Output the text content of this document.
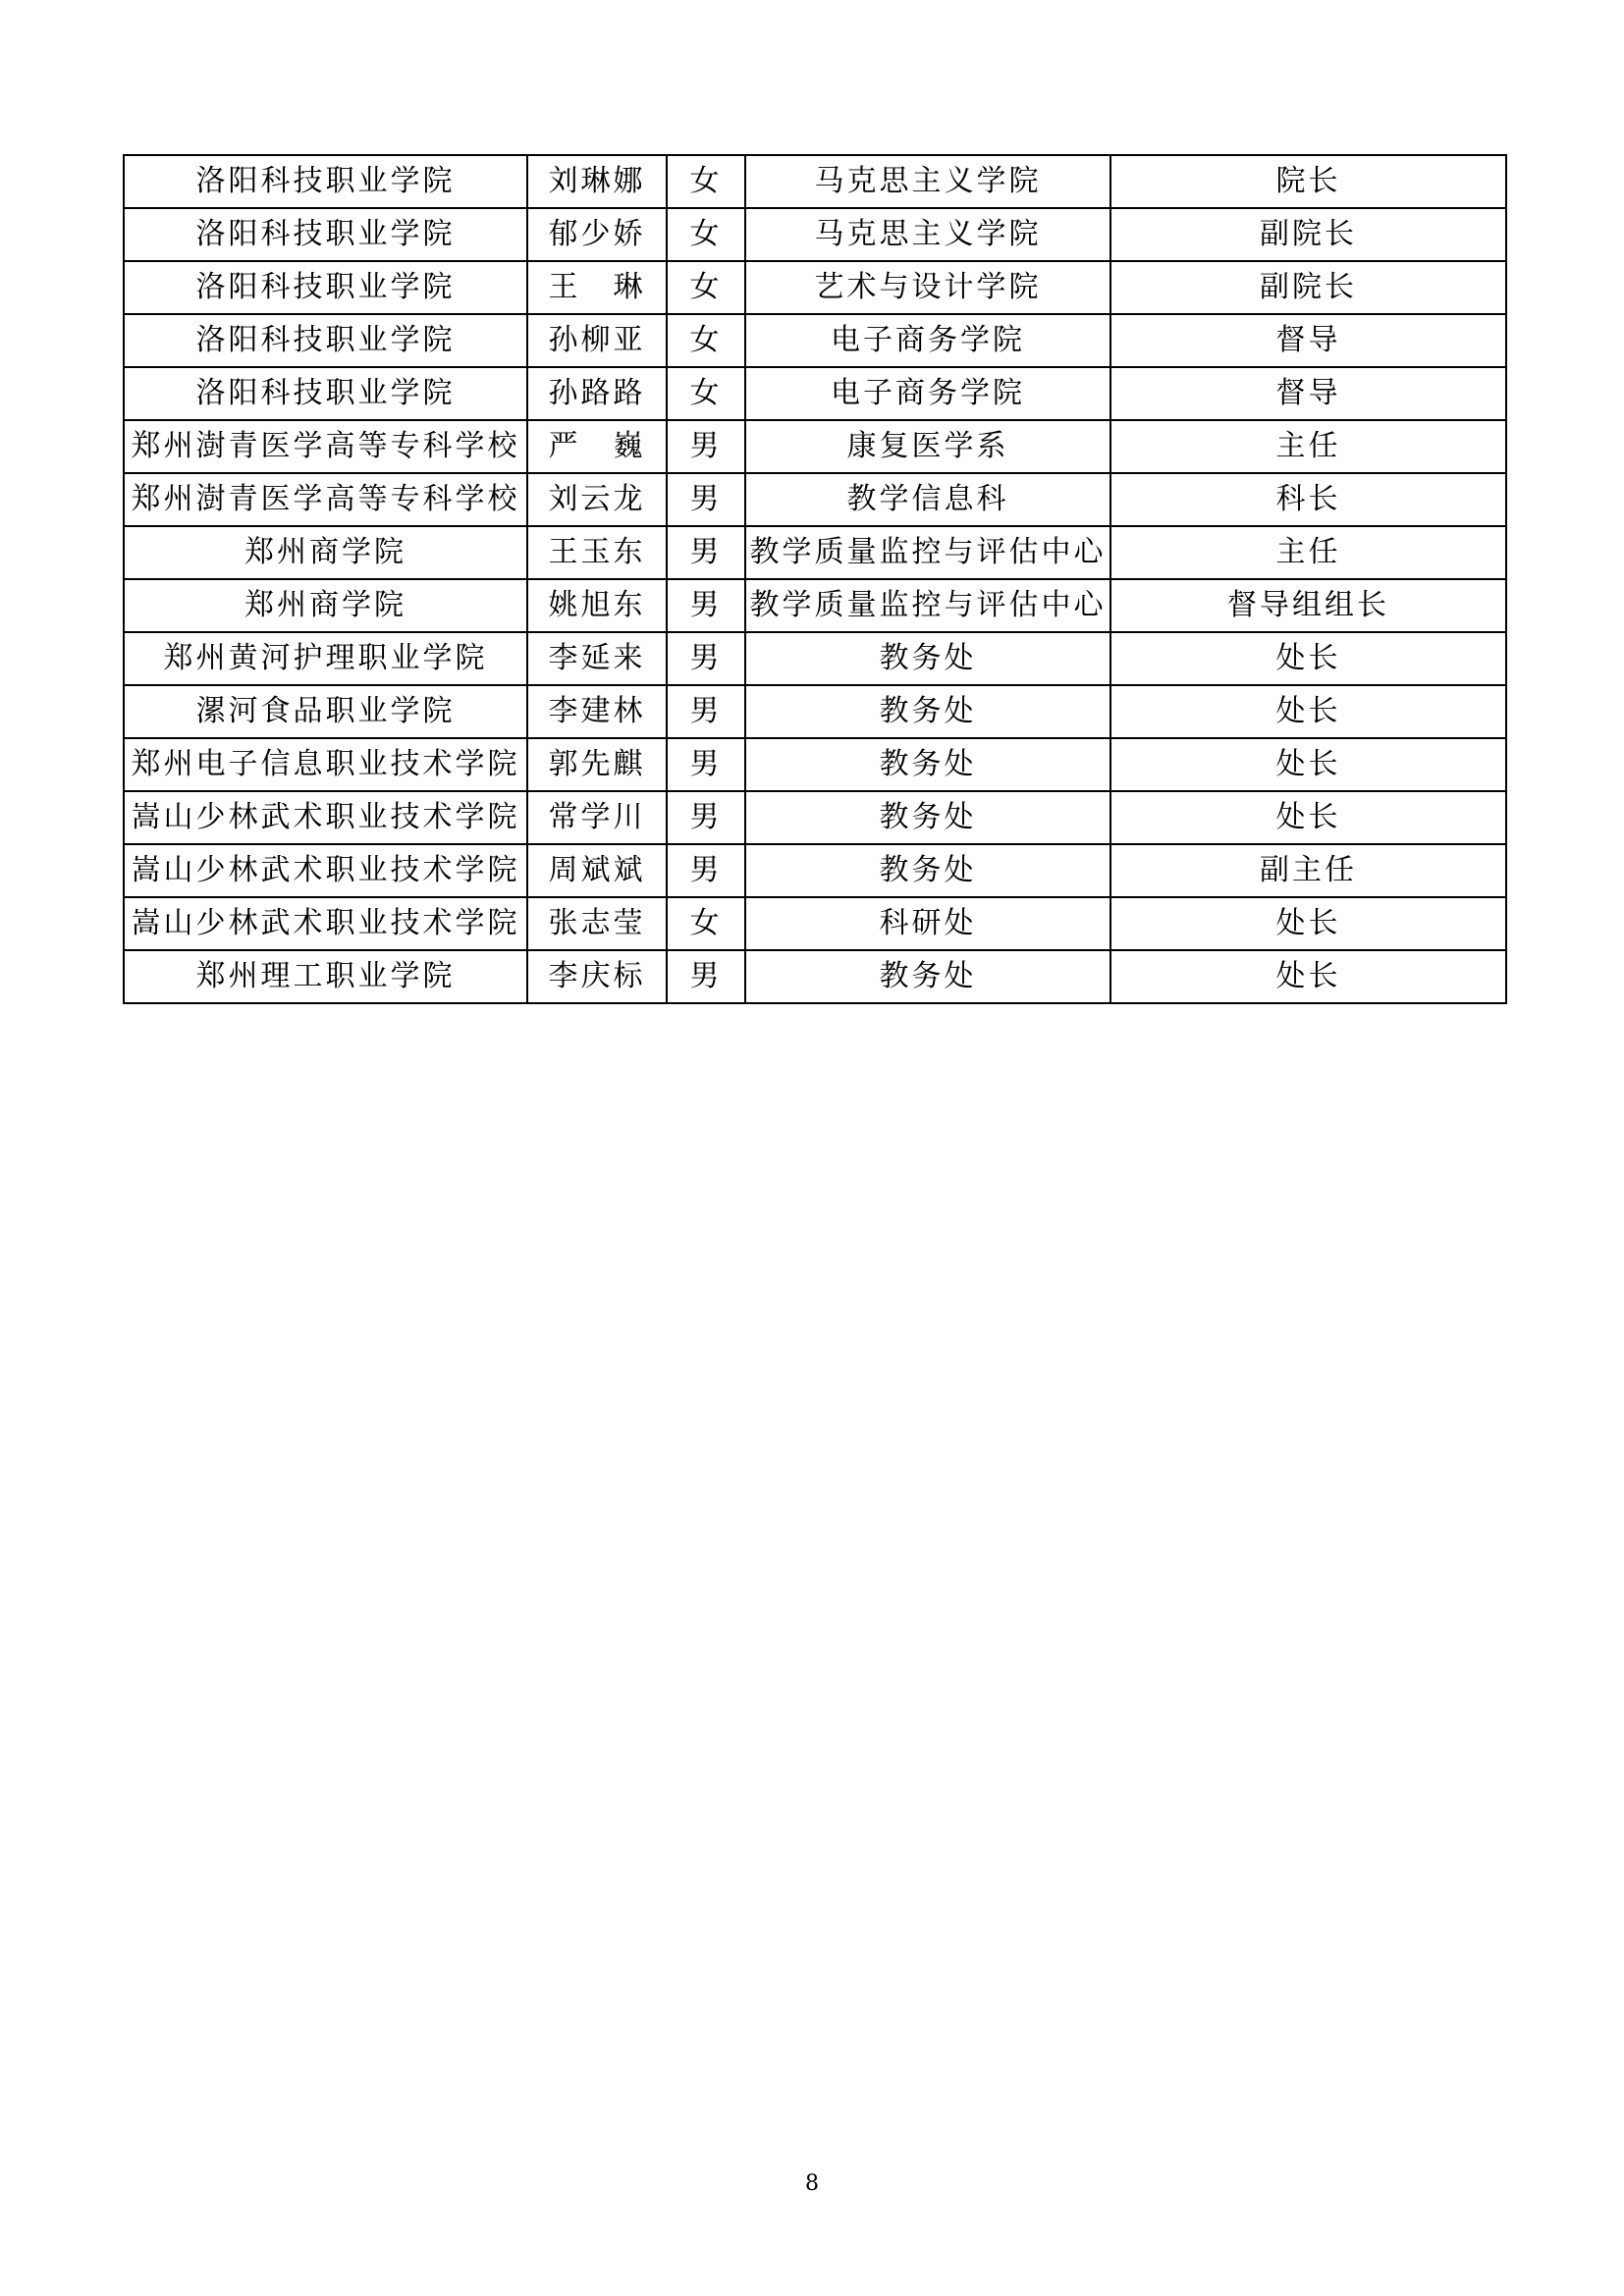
洛阳科技职业学院	刘琳娜	女	马克思主义学院	院长
洛阳科技职业学院	郁少娇	女	马克思主义学院	副院长
洛阳科技职业学院	王　琳	女	艺术与设计学院	副院长
洛阳科技职业学院	孙柳亚	女	电子商务学院	督导
洛阳科技职业学院	孙路路	女	电子商务学院	督导
郑州澍青医学高等专科学校	严　巍	男	康复医学系	主任
郑州澍青医学高等专科学校	刘云龙	男	教学信息科	科长
郑州商学院	王玉东	男	教学质量监控与评估中心	主任
郑州商学院	姚旭东	男	教学质量监控与评估中心	督导组组长
郑州黄河护理职业学院	李延来	男	教务处	处长
漯河食品职业学院	李建林	男	教务处	处长
郑州电子信息职业技术学院	郭先麒	男	教务处	处长
嵩山少林武术职业技术学院	常学川	男	教务处	处长
嵩山少林武术职业技术学院	周斌斌	男	教务处	副主任
嵩山少林武术职业技术学院	张志莹	女	科研处	处长
郑州理工职业学院	李庆标	男	教务处	处长
8
